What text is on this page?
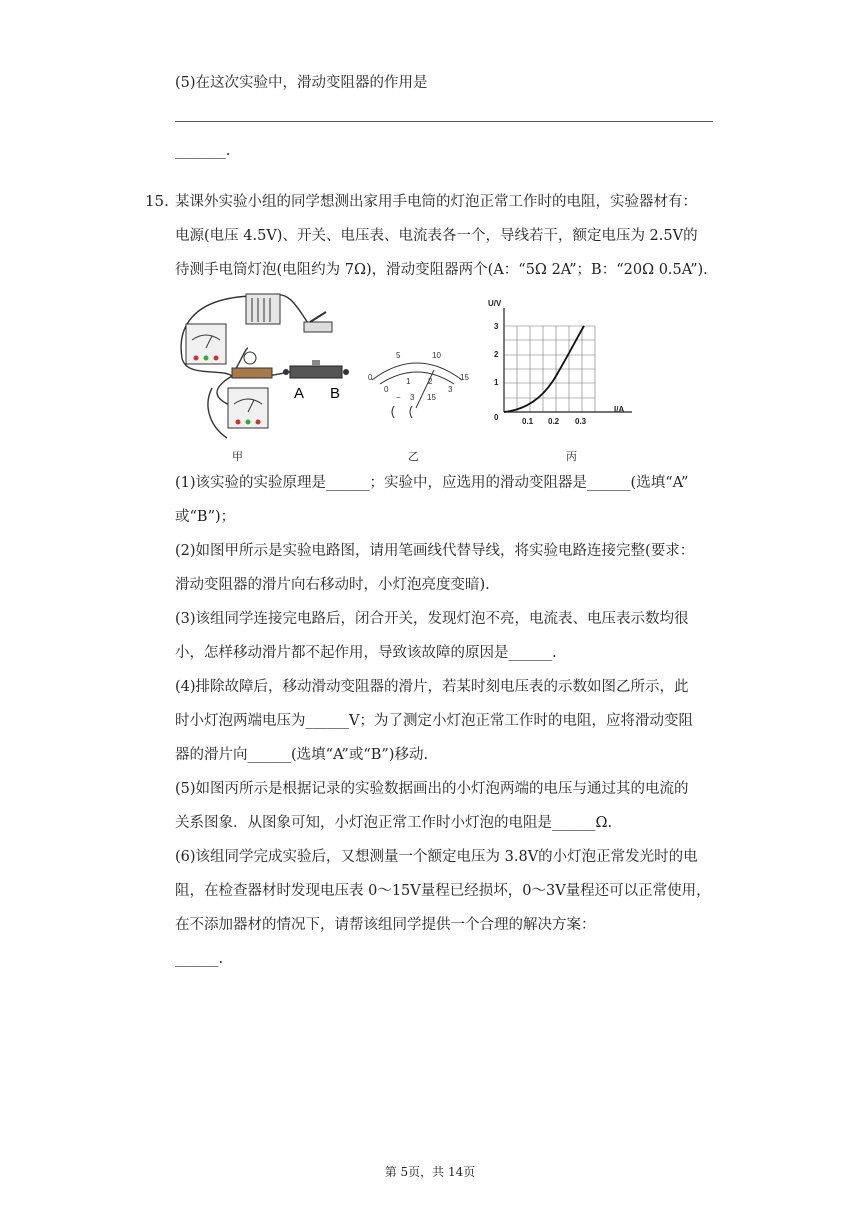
(5)在这次实验中，滑动变阻器的作用是
_______.
15. 某课外实验小组的同学想测出家用手电筒的灯泡正常工作时的电阻，实验器材有：
电源(电压 4.5V)、开关、电压表、电流表各一个，导线若干，额定电压为 2.5V的
待测手电筒灯泡(电阻约为 7Ω)，滑动变阻器两个(A：“5Ω 2A”；B：“20Ω 0.5A”).
A B
0	15
5	10
0
1 2
3
− 3 15
U/V
I/A
0
1
2
3
0.1 0.2 0.3
甲	乙	丙
(1)该实验的实验原理是______；实验中，应选用的滑动变阻器是______(选填“A”
或“B”)；
(2)如图甲所示是实验电路图，请用笔画线代替导线，将实验电路连接完整(要求：
滑动变阻器的滑片向右移动时，小灯泡亮度变暗).
(3)该组同学连接完电路后，闭合开关，发现灯泡不亮，电流表、电压表示数均很
小，怎样移动滑片都不起作用，导致该故障的原因是______.
(4)排除故障后，移动滑动变阻器的滑片，若某时刻电压表的示数如图乙所示，此
时小灯泡两端电压为______V；为了测定小灯泡正常工作时的电阻，应将滑动变阻
器的滑片向______(选填“A”或“B”)移动.
(5)如图丙所示是根据记录的实验数据画出的小灯泡两端的电压与通过其的电流的
关系图象．从图象可知，小灯泡正常工作时小灯泡的电阻是______Ω.
(6)该组同学完成实验后，又想测量一个额定电压为 3.8V的小灯泡正常发光时的电
阻，在检查器材时发现电压表 0～15V量程已经损坏，0～3V量程还可以正常使用，
在不添加器材的情况下，请帮该组同学提供一个合理的解决方案：
______.
第 5页，共 14页
